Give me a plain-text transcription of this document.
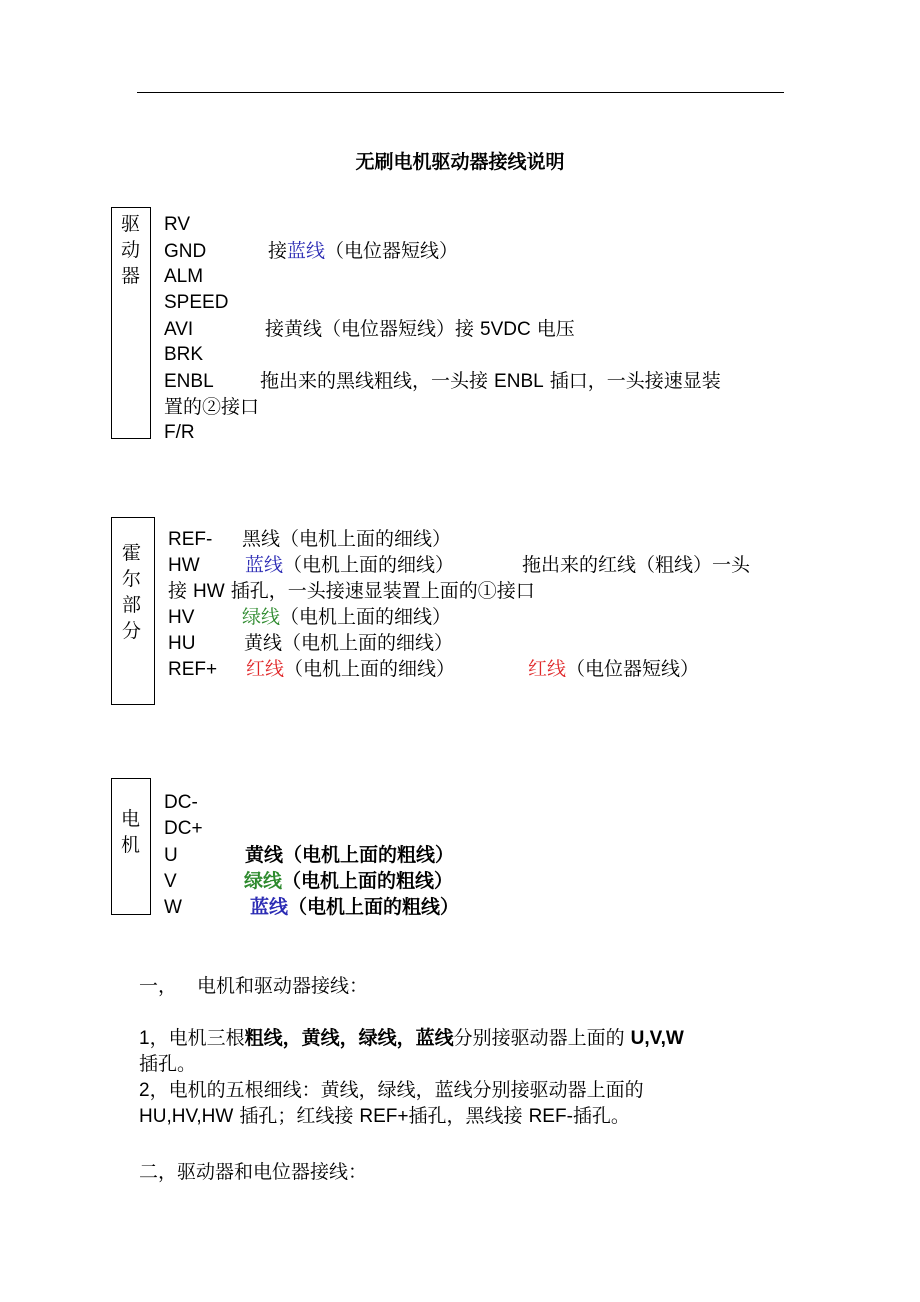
无刷电机驱动器接线说明
驱
动
器
RV
GND	接蓝线（电位器短线）
ALM
SPEED
AVI	接黄线（电位器短线）接 5VDC 电压
BRK
ENBL 拖出来的黑线粗线，一头接 ENBL 插口，一头接速显装
置的②接口
F/R
霍
尔
部
分
REF- 黑线（电机上面的细线）
HW 蓝线（电机上面的细线）	拖出来的红线（粗线）一头
接 HW 插孔，一头接速显装置上面的①接口
HV	绿线（电机上面的细线）
HU	黄线（电机上面的细线）
REF+ 红线（电机上面的细线）	红线（电位器短线）
电
机
DC-
DC+
U	黄线（电机上面的粗线）
V	绿线（电机上面的粗线）
W	蓝线（电机上面的粗线）
一， 电机和驱动器接线：
1，电机三根粗线，黄线，绿线，蓝线分别接驱动器上面的 U,V,W
插孔。
2，电机的五根细线：黄线，绿线，蓝线分别接驱动器上面的
HU,HV,HW 插孔；红线接 REF+插孔，黑线接 REF-插孔。
二，驱动器和电位器接线：
